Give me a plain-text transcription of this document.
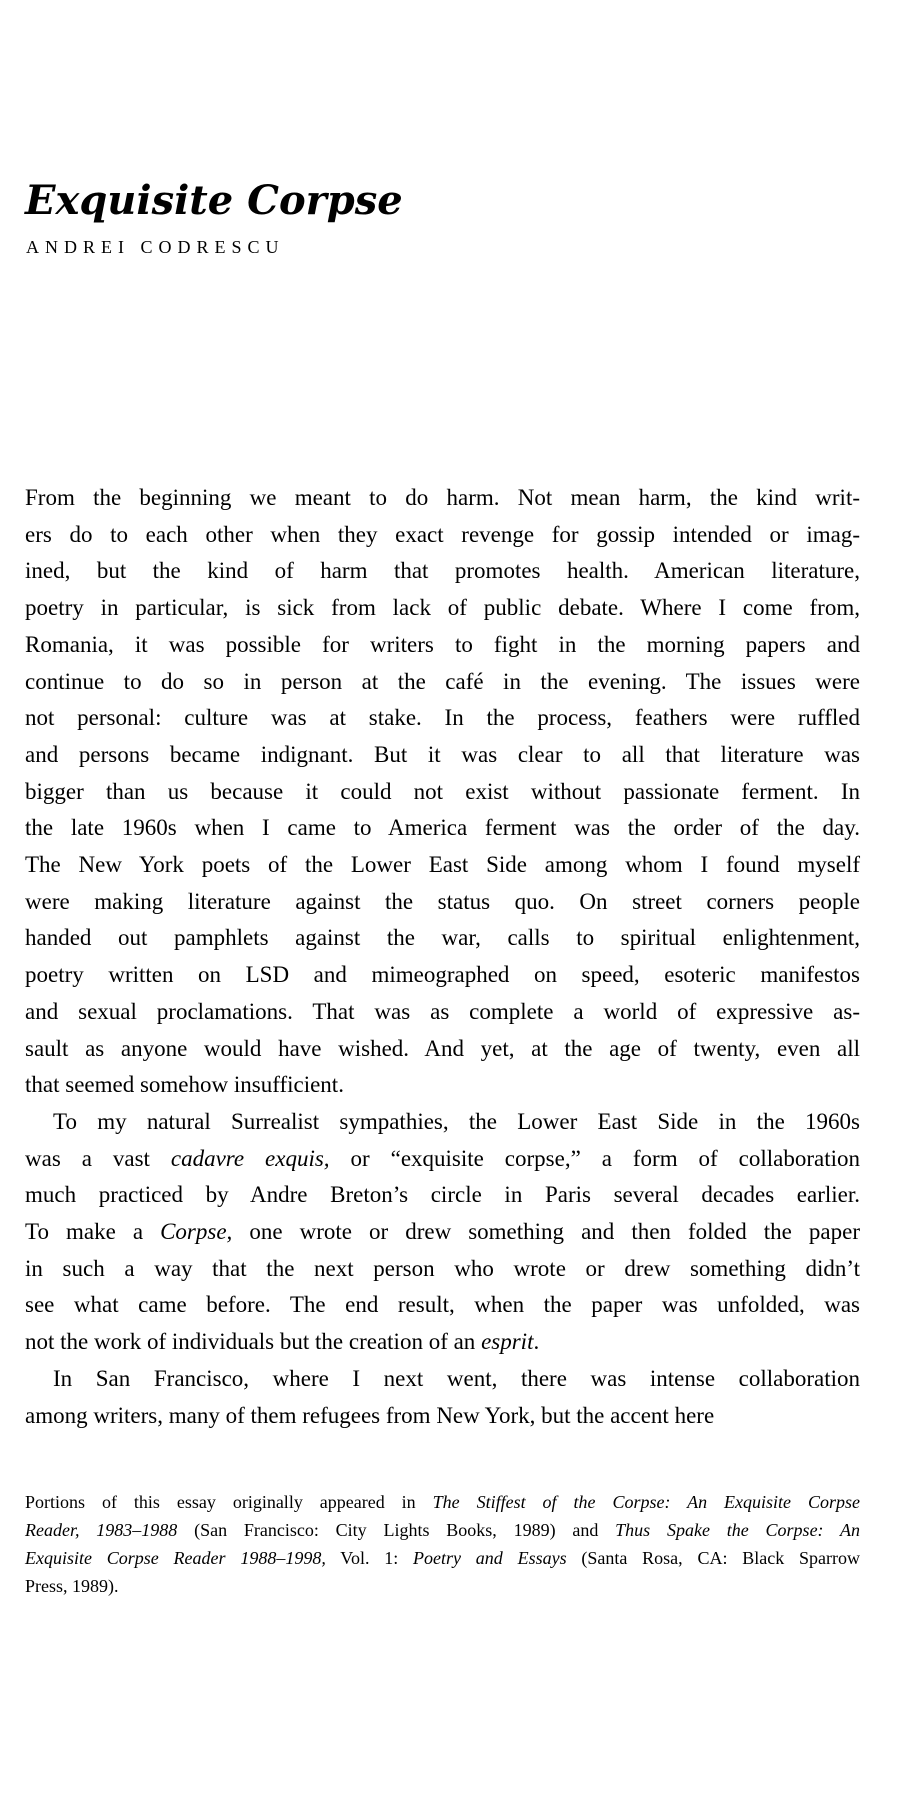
Exquisite Corpse
ANDREI CODRESCU
From the beginning we meant to do harm. Not mean harm, the kind writ-
ers do to each other when they exact revenge for gossip intended or imag-
ined, but the kind of harm that promotes health. American literature,
poetry in particular, is sick from lack of public debate. Where I come from,
Romania, it was possible for writers to fight in the morning papers and
continue to do so in person at the café in the evening. The issues were
not personal: culture was at stake. In the process, feathers were ruffled
and persons became indignant. But it was clear to all that literature was
bigger than us because it could not exist without passionate ferment. In
the late 1960s when I came to America ferment was the order of the day.
The New York poets of the Lower East Side among whom I found myself
were making literature against the status quo. On street corners people
handed out pamphlets against the war, calls to spiritual enlightenment,
poetry written on LSD and mimeographed on speed, esoteric manifestos
and sexual proclamations. That was as complete a world of expressive as-
sault as anyone would have wished. And yet, at the age of twenty, even all
that seemed somehow insufficient.
To my natural Surrealist sympathies, the Lower East Side in the 1960s
was a vast cadavre exquis, or “exquisite corpse,” a form of collaboration
much practiced by Andre Breton’s circle in Paris several decades earlier.
To make a Corpse, one wrote or drew something and then folded the paper
in such a way that the next person who wrote or drew something didn’t
see what came before. The end result, when the paper was unfolded, was
not the work of individuals but the creation of an esprit.
In San Francisco, where I next went, there was intense collaboration
among writers, many of them refugees from New York, but the accent here
Portions of this essay originally appeared in The Stiffest of the Corpse: An Exquisite Corpse
Reader, 1983–1988 (San Francisco: City Lights Books, 1989) and Thus Spake the Corpse: An
Exquisite Corpse Reader 1988–1998, Vol. 1: Poetry and Essays (Santa Rosa, CA: Black Sparrow
Press, 1989).
